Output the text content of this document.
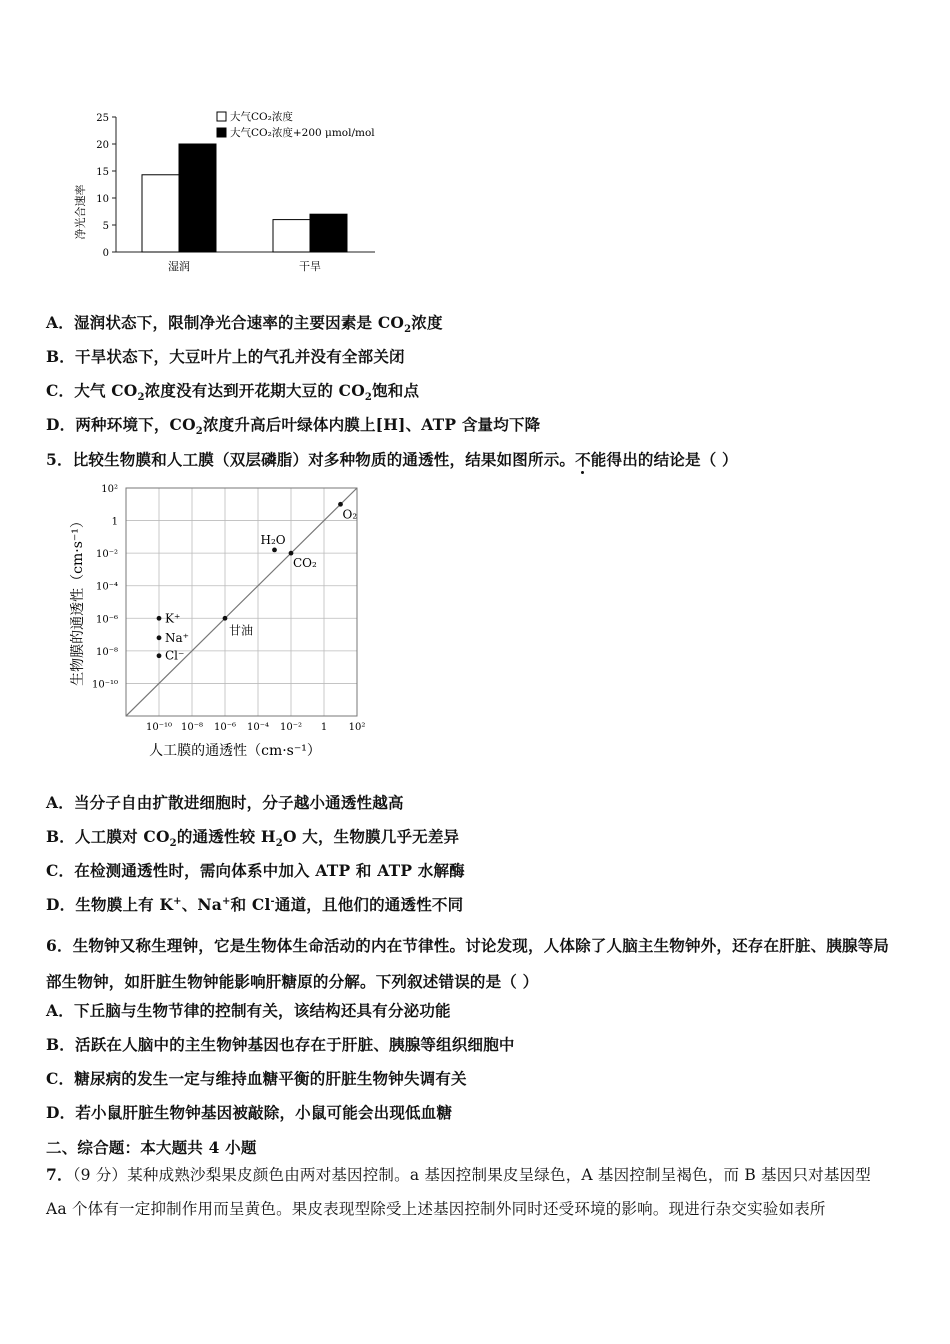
0
5
10
15
20
25
湿润	干旱
大气CO₂浓度
大气CO₂浓度+200 μmol/mol
净光合速率
A．湿润状态下，限制净光合速率的主要因素是 $CO_2$浓度
B．干旱状态下，大豆叶片上的气孔并没有全部关闭
C．大气 $CO_2$浓度没有达到开花期大豆的 $CO_2$饱和点
D．两种环境下，$CO_2$浓度升高后叶绿体内膜上[H]、ATP 含量均下降
5．比较生物膜和人工膜（双层磷脂）对多种物质的通透性，结果如图所示。不能得出的结论是（ ）
10⁻¹⁰ 10⁻⁸ 10⁻⁶ 10⁻⁴ 10⁻² 1 10²
10²
1
10⁻²
10⁻⁴
10⁻⁶
10⁻⁸
10⁻¹⁰
O₂
H₂O
CO₂
甘油
K⁺
Na⁺
Cl⁻
人工膜的通透性（cm·s⁻¹）
生物膜的通透性（cm·s⁻¹）
A．当分子自由扩散进细胞时，分子越小通透性越高
B．人工膜对 $CO_2$的通透性较 $H_2O$ 大，生物膜几乎无差异
C．在检测通透性时，需向体系中加入 ATP 和 ATP 水解酶
D．生物膜上有 K+、Na+和 Cl-通道，且他们的通透性不同
6．生物钟又称生理钟，它是生物体生命活动的内在节律性。讨论发现，人体除了人脑主生物钟外，还存在肝脏、胰腺等局部生物钟，如肝脏生物钟能影响肝糖原的分解。下列叙述错误的是（ ）
A．下丘脑与生物节律的控制有关，该结构还具有分泌功能
B．活跃在人脑中的主生物钟基因也存在于肝脏、胰腺等组织细胞中
C．糖尿病的发生一定与维持血糖平衡的肝脏生物钟失调有关
D．若小鼠肝脏生物钟基因被敲除，小鼠可能会出现低血糖
二、综合题：本大题共 4 小题
7．（9 分）某种成熟沙梨果皮颜色由两对基因控制。a 基因控制果皮呈绿色，A 基因控制呈褐色，而 B 基因只对基因型 Aa 个体有一定抑制作用而呈黄色。果皮表现型除受上述基因控制外同时还受环境的影响。现进行杂交实验如表所
